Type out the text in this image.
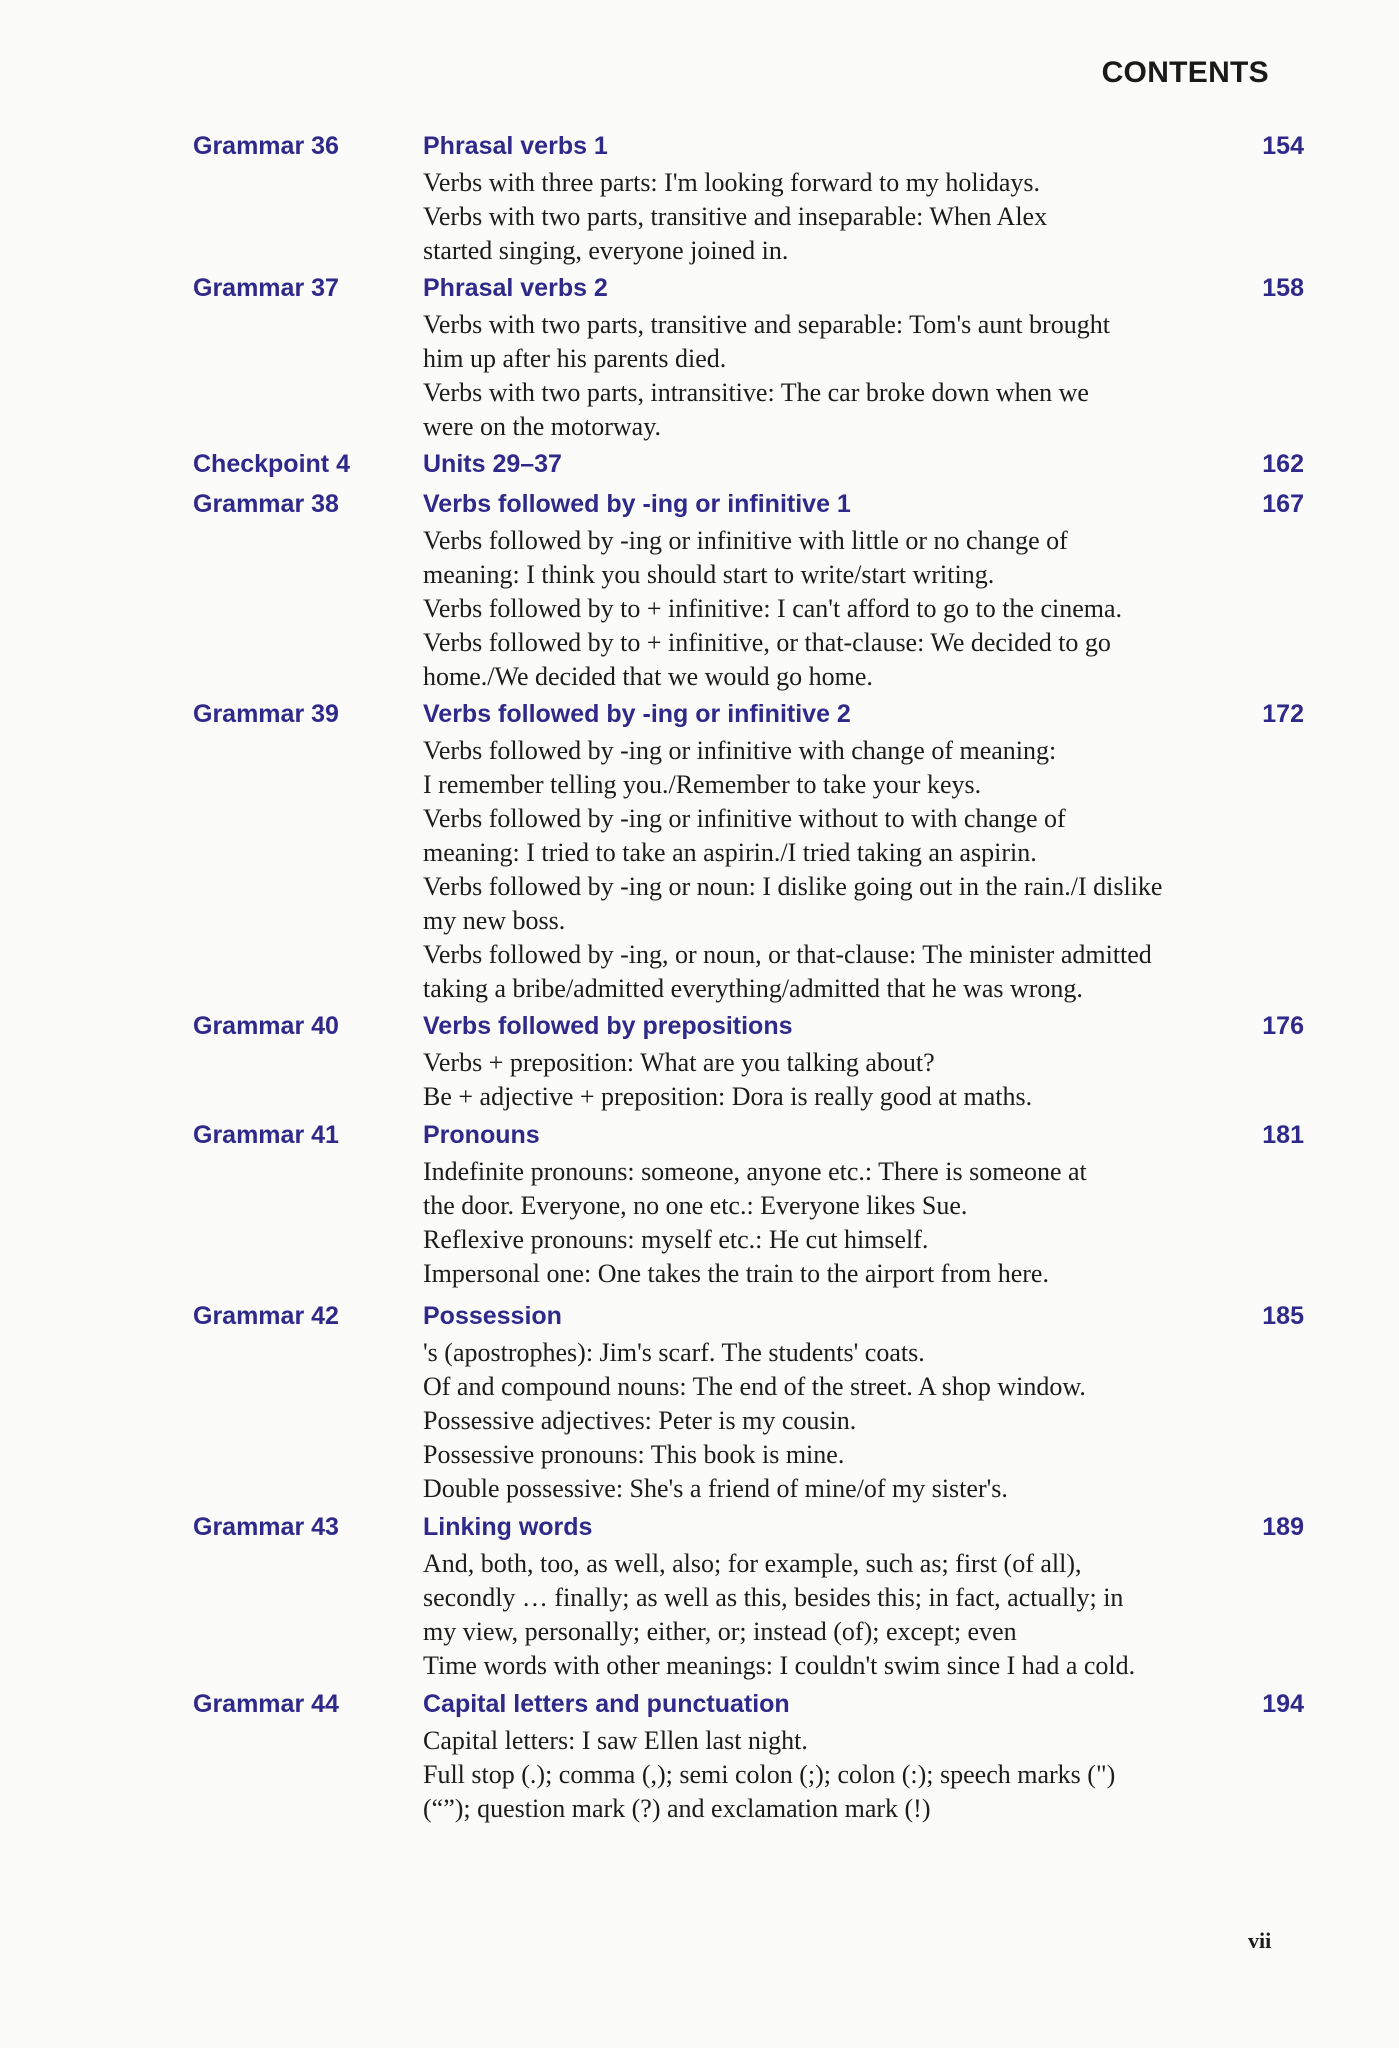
CONTENTS
Grammar 36	Phrasal verbs 1	154
Verbs with three parts: I'm looking forward to my holidays.
Verbs with two parts, transitive and inseparable: When Alex
started singing, everyone joined in.
Grammar 37	Phrasal verbs 2	158
Verbs with two parts, transitive and separable: Tom's aunt brought
him up after his parents died.
Verbs with two parts, intransitive: The car broke down when we
were on the motorway.
Checkpoint 4	Units 29–37	162
Grammar 38	Verbs followed by -ing or infinitive 1	167
Verbs followed by -ing or infinitive with little or no change of
meaning: I think you should start to write/start writing.
Verbs followed by to + infinitive: I can't afford to go to the cinema.
Verbs followed by to + infinitive, or that-clause: We decided to go
home./We decided that we would go home.
Grammar 39	Verbs followed by -ing or infinitive 2	172
Verbs followed by -ing or infinitive with change of meaning:
I remember telling you./Remember to take your keys.
Verbs followed by -ing or infinitive without to with change of
meaning: I tried to take an aspirin./I tried taking an aspirin.
Verbs followed by -ing or noun: I dislike going out in the rain./I dislike
my new boss.
Verbs followed by -ing, or noun, or that-clause: The minister admitted
taking a bribe/admitted everything/admitted that he was wrong.
Grammar 40	Verbs followed by prepositions	176
Verbs + preposition: What are you talking about?
Be + adjective + preposition: Dora is really good at maths.
Grammar 41	Pronouns	181
Indefinite pronouns: someone, anyone etc.: There is someone at
the door. Everyone, no one etc.: Everyone likes Sue.
Reflexive pronouns: myself etc.: He cut himself.
Impersonal one: One takes the train to the airport from here.
Grammar 42	Possession	185
's (apostrophes): Jim's scarf. The students' coats.
Of and compound nouns: The end of the street. A shop window.
Possessive adjectives: Peter is my cousin.
Possessive pronouns: This book is mine.
Double possessive: She's a friend of mine/of my sister's.
Grammar 43	Linking words	189
And, both, too, as well, also; for example, such as; first (of all),
secondly … finally; as well as this, besides this; in fact, actually; in
my view, personally; either, or; instead (of); except; even
Time words with other meanings: I couldn't swim since I had a cold.
Grammar 44	Capital letters and punctuation	194
Capital letters: I saw Ellen last night.
Full stop (.); comma (,); semi colon (;); colon (:); speech marks (")
(“”); question mark (?) and exclamation mark (!)
vii
